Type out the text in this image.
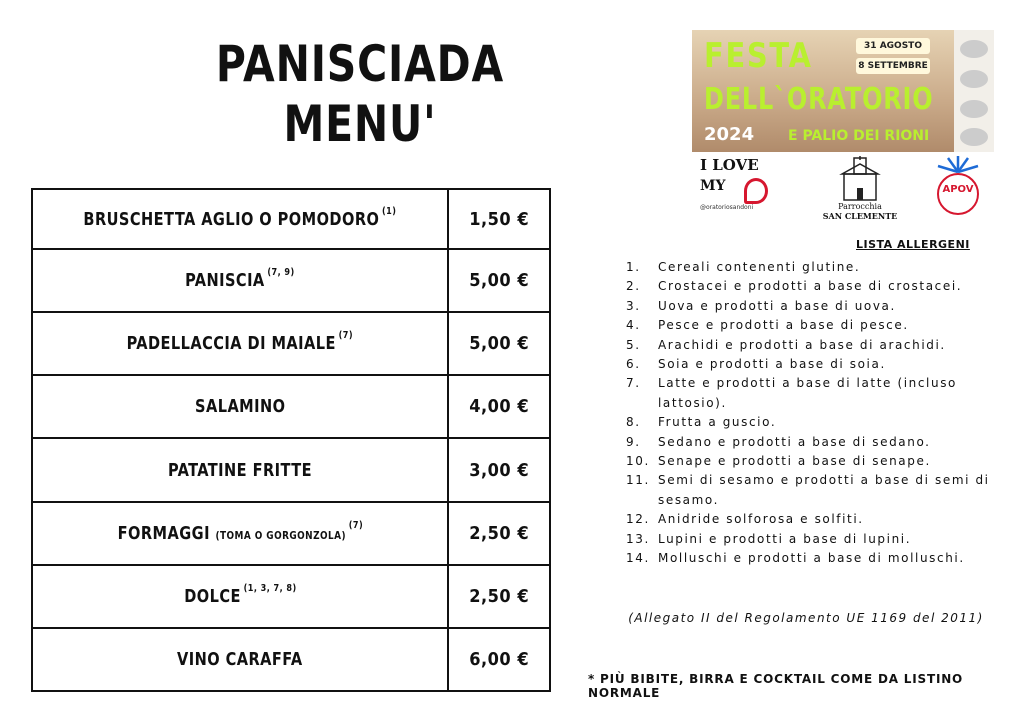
PANISCIADA
MENU'
BRUSCHETTA AGLIO O POMODORO $^{(1)}$	1,50 €
PANISCIA $^{(7, 9)}$	5,00 €
PADELLACCIA DI MAIALE $^{(7)}$	5,00 €
SALAMINO	4,00 €
PATATINE FRITTE	3,00 €
FORMAGGI (TOMA O GORGONZOLA)$^{(7)}$	2,50 €
DOLCE $^{(1, 3, 7, 8)}$	2,50 €
VINO CARAFFA	6,00 €
FESTA
DELL`ORATORIO
2024 E PALIO DEI RIONI
31 AGOSTO
8 SETTEMBRE
I LOVE
MY
@oratoriosandoni	Parrocchia
SAN CLEMENTE
APOV
LISTA ALLERGENI
1.	Cereali contenenti glutine.
2.	Crostacei e prodotti a base di crostacei.
3.	Uova e prodotti a base di uova.
4.	Pesce e prodotti a base di pesce.
5.	Arachidi e prodotti a base di arachidi.
6.	Soia e prodotti a base di soia.
7.	Latte e prodotti a base di latte (incluso lattosio).
8.	Frutta a guscio.
9.	Sedano e prodotti a base di sedano.
10. Senape e prodotti a base di senape.
11. Semi di sesamo e prodotti a base di semi di sesamo.
12. Anidride solforosa e solfiti.
13. Lupini e prodotti a base di lupini.
14. Molluschi e prodotti a base di molluschi.
(Allegato II del Regolamento UE 1169 del 2011)
* PIÙ BIBITE, BIRRA E COCKTAIL COME DA LISTINO NORMALE
